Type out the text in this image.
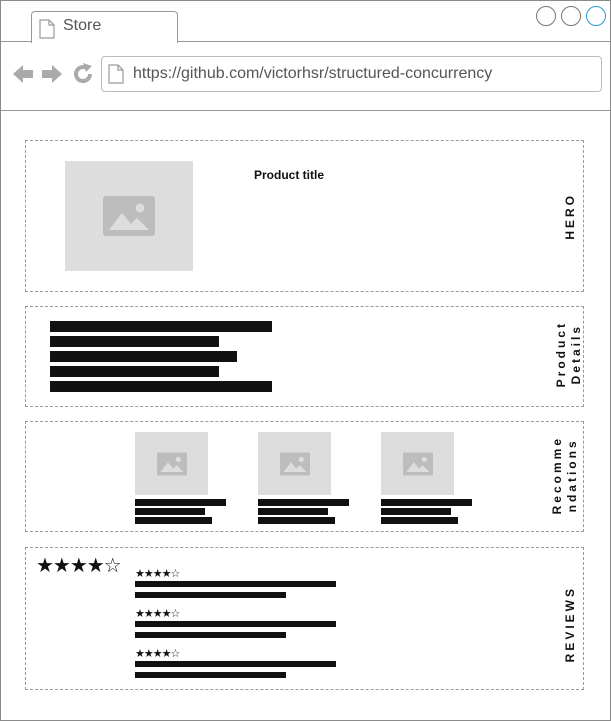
Store
https://github.com/victorhsr/structured-concurrency
Product title
HERO
Product
Details
Recomme
ndations
★★★★☆ ★★★★☆
★★★★☆
★★★★☆	REVIEWS
